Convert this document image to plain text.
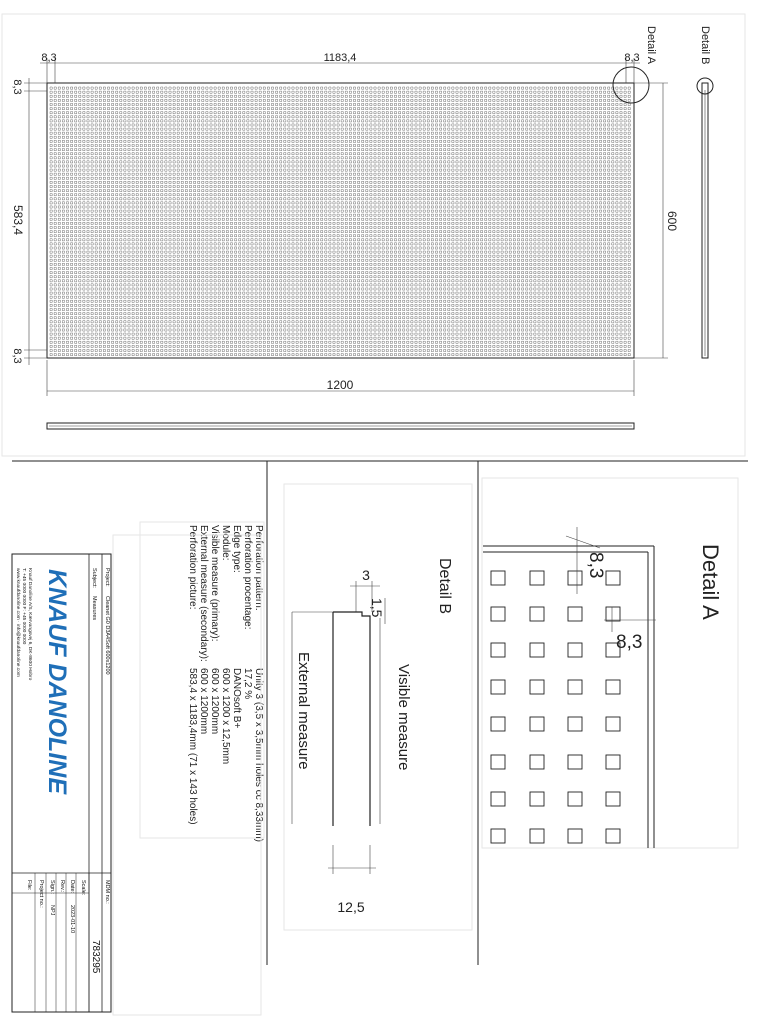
1183,4
8,3	8,3
8,3
583,4
8,3
600
1200
Detail A	Detail B
8,3
8,3
Detail A
Detail B
3
1,5
Visible measure
External measure
12,5
Perforation pattern:
Perforation procentage:
Edge type:
Module:
Visible measure (primary):
External measure (secondary):
Perforation picture:
Unity 3 (3,5 x 3,5mm holes cc 8,33mm)
17,2 %
DANOsoft B+
600 x 1200 x 12,5mm
600 x 1200mm
600 x 1200mm
583,4 x 1183,4mm (71 x 143 holes)
Project:
Cleanet G0 D3A4Soft 600x1200
Subject:
Measures
KNAUF DANOLINE
Knauf Danoline A/S, Kærvangsvej 6, DK-8600 Hobro
T: +45 0000 0000 F: +45 0000 0000
www.knaufdanoline.com · info@knaufdanoline.com
MDM no.:
783295
Scale:
Date:
2023-01-10
Rev.:
Sign.:
NPJ
Project no.:
File:
